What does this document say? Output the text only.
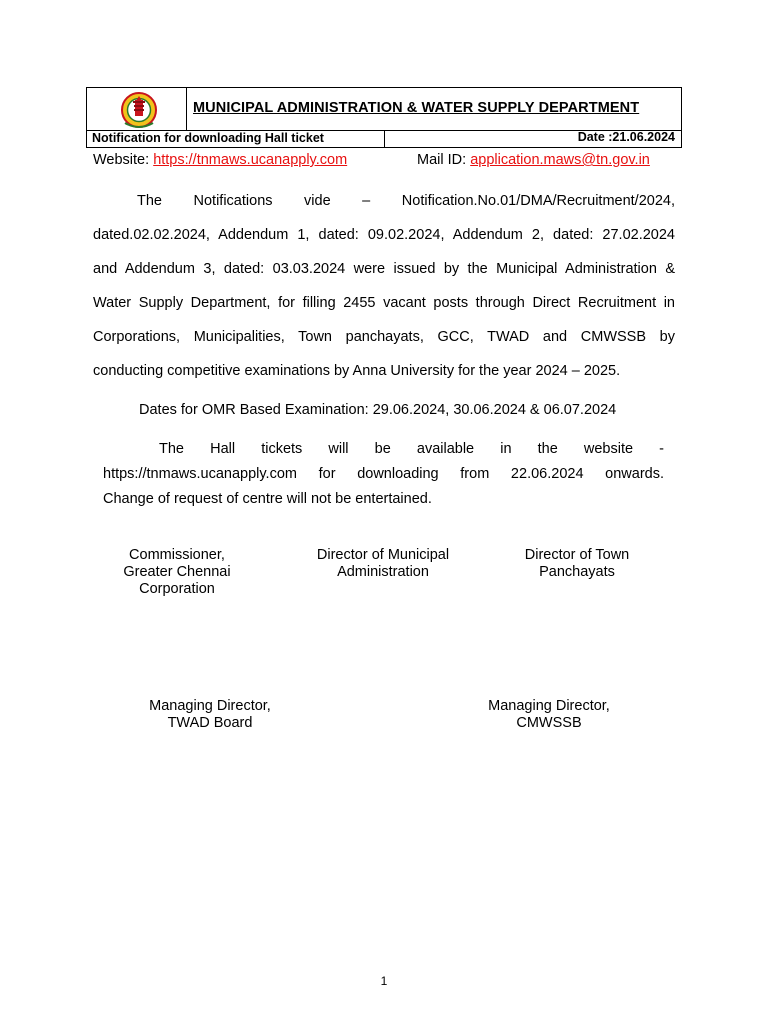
MUNICIPAL ADMINISTRATION & WATER SUPPLY DEPARTMENT
Notification for downloading Hall ticket	Date :21.06.2024
Website: https://tnmaws.ucanapply.com	Mail ID: application.maws@tn.gov.in
The Notifications vide – Notification.No.01/DMA/Recruitment/2024,
dated.02.02.2024, Addendum 1, dated: 09.02.2024, Addendum 2, dated: 27.02.2024
and Addendum 3, dated: 03.03.2024 were issued by the Municipal Administration &
Water Supply Department, for filling 2455 vacant posts through Direct Recruitment in
Corporations, Municipalities, Town panchayats, GCC, TWAD and CMWSSB by
conducting competitive examinations by Anna University for the year 2024 – 2025.
Dates for OMR Based Examination: 29.06.2024, 30.06.2024 & 06.07.2024
The Hall tickets will be available in the website -
https://tnmaws.ucanapply.com for downloading from 22.06.2024 onwards.
Change of request of centre will not be entertained.
Commissioner,
Greater Chennai
Corporation
Director of Municipal
Administration
Director of Town
Panchayats
Managing Director,
TWAD Board
Managing Director,
CMWSSB
1
